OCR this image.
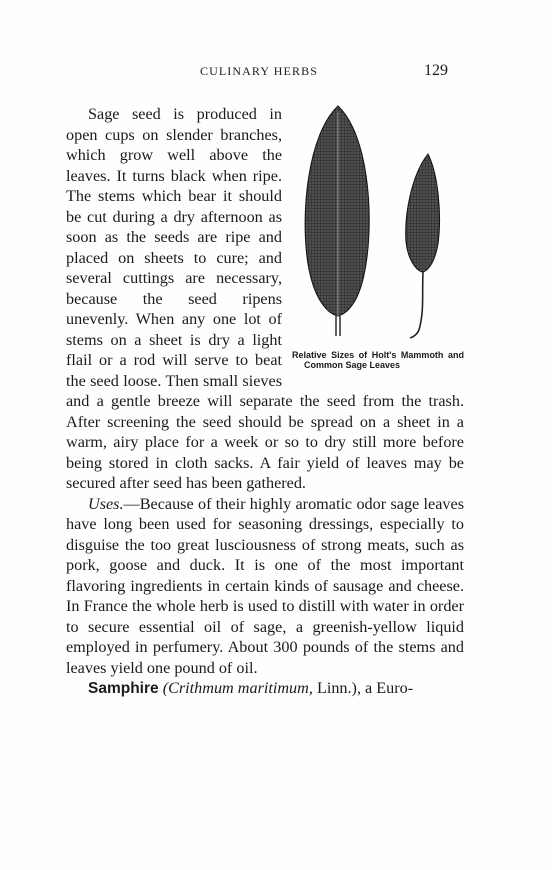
CULINARY HERBS	129

Relative Sizes of Holt's Mammoth and Common Sage Leaves
Sage seed is produced in open cups on slender branches, which grow well above the leaves. It turns black when ripe. The stems which bear it should be cut during a dry afternoon as soon as the seeds are ripe and placed on sheets to cure; and several cuttings are necessary, because the seed ripens unevenly. When any one lot of stems on a sheet is dry a light flail or a rod will serve to beat the seed loose. Then small sieves and a gentle breeze will separate the seed from the trash. After screening the seed should be spread on a sheet in a warm, airy place for a week or so to dry still more before being stored in cloth sacks. A fair yield of leaves may be secured after seed has been gathered.

Uses.—Because of their highly aromatic odor sage leaves have long been used for seasoning dressings, especially to disguise the too great lusciousness of strong meats, such as pork, goose and duck. It is one of the most important flavoring ingredients in certain kinds of sausage and cheese. In France the whole herb is used to distill with water in order to secure essential oil of sage, a greenish-yellow liquid employed in perfumery. About 300 pounds of the stems and leaves yield one pound of oil.

Samphire (Crithmum maritimum, Linn.), a Euro-
